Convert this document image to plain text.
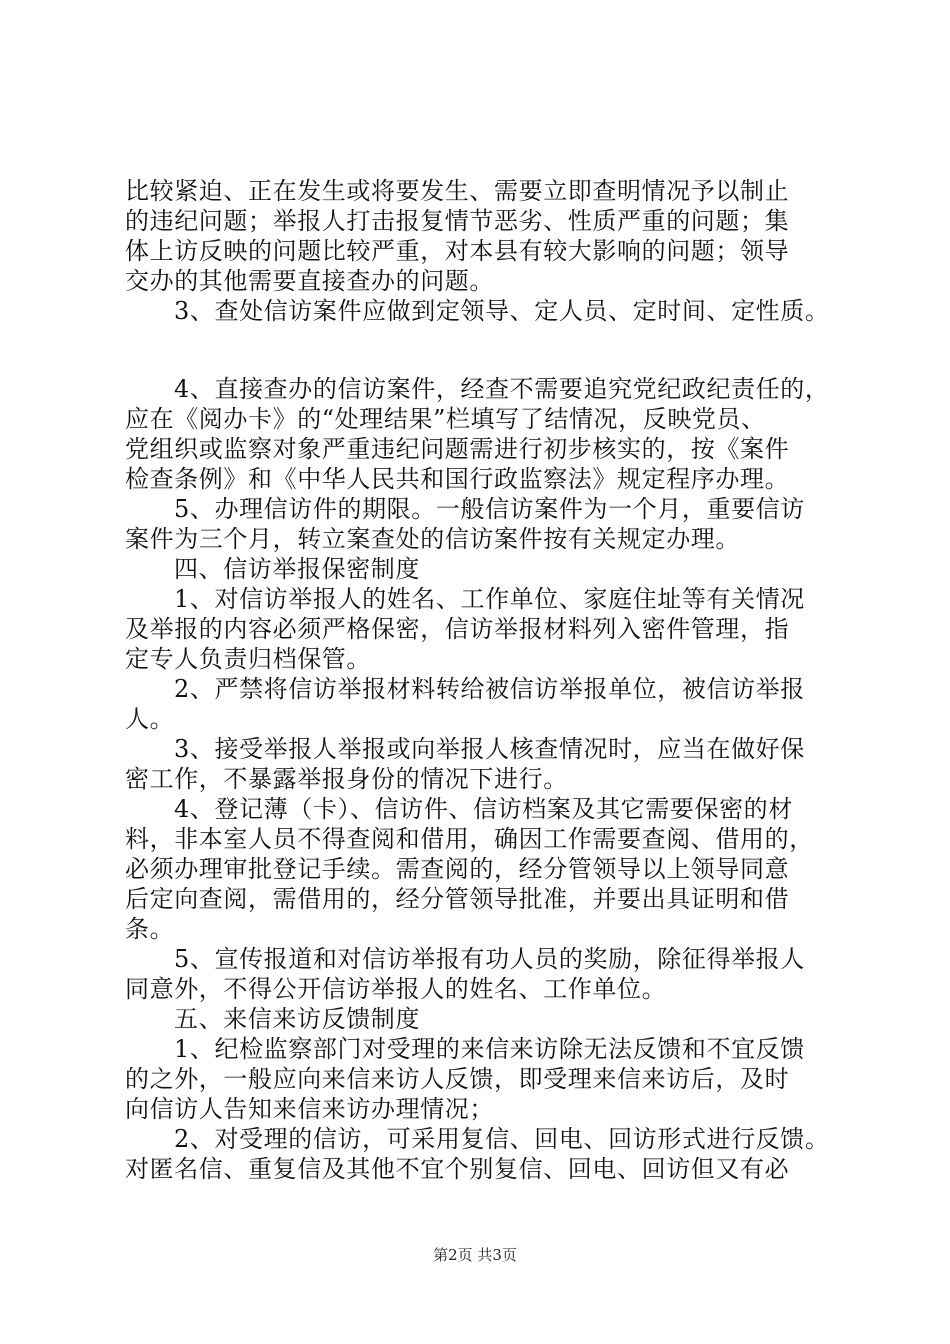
比较紧迫、正在发生或将要发生、需要立即查明情况予以制止
的违纪问题；举报人打击报复情节恶劣、性质严重的问题；集
体上访反映的问题比较严重，对本县有较大影响的问题；领导
交办的其他需要直接查办的问题。
3、查处信访案件应做到定领导、定人员、定时间、定性质。
4、直接查办的信访案件，经查不需要追究党纪政纪责任的，
应在《阅办卡》的“处理结果”栏填写了结情况，反映党员、
党组织或监察对象严重违纪问题需进行初步核实的，按《案件
检查条例》和《中华人民共和国行政监察法》规定程序办理。
5、办理信访件的期限。一般信访案件为一个月，重要信访
案件为三个月，转立案查处的信访案件按有关规定办理。
四、信访举报保密制度
1、对信访举报人的姓名、工作单位、家庭住址等有关情况
及举报的内容必须严格保密，信访举报材料列入密件管理，指
定专人负责归档保管。
2、严禁将信访举报材料转给被信访举报单位，被信访举报
人。
3、接受举报人举报或向举报人核查情况时，应当在做好保
密工作，不暴露举报身份的情况下进行。
4、登记薄（卡）、信访件、信访档案及其它需要保密的材
料，非本室人员不得查阅和借用，确因工作需要查阅、借用的，
必须办理审批登记手续。需查阅的，经分管领导以上领导同意
后定向查阅，需借用的，经分管领导批准，并要出具证明和借
条。
5、宣传报道和对信访举报有功人员的奖励，除征得举报人
同意外，不得公开信访举报人的姓名、工作单位。
五、来信来访反馈制度
1、纪检监察部门对受理的来信来访除无法反馈和不宜反馈
的之外，一般应向来信来访人反馈，即受理来信来访后，及时
向信访人告知来信来访办理情况；
2、对受理的信访，可采用复信、回电、回访形式进行反馈。
对匿名信、重复信及其他不宜个别复信、回电、回访但又有必
第2页 共3页
